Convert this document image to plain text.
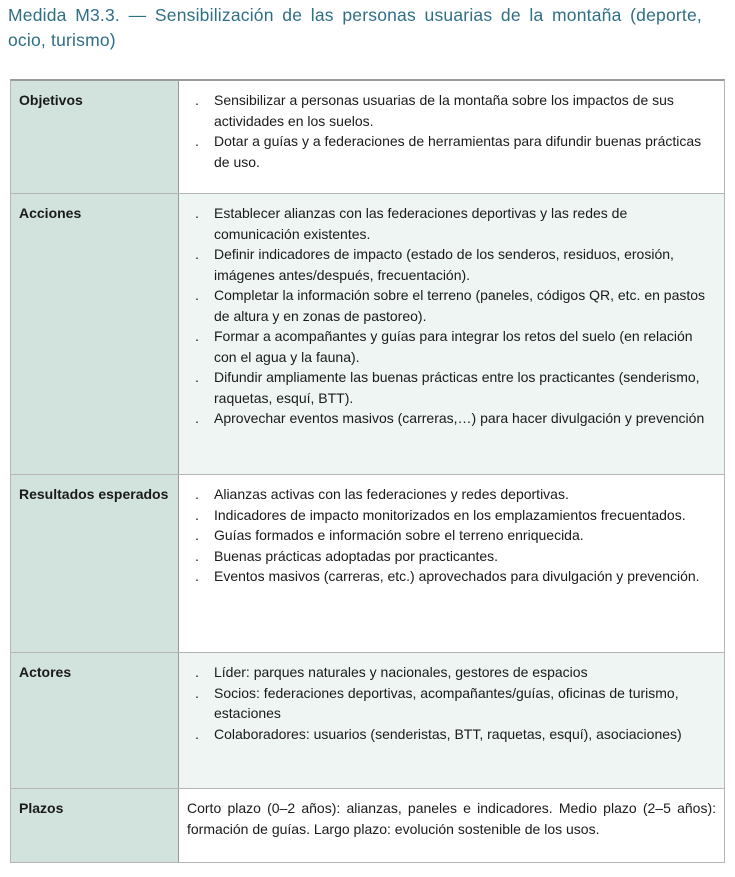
Medida M3.3. — Sensibilización de las personas usuarias de la montaña (deporte, ocio, turismo)
Objetivos	. Sensibilizar a personas usuarias de la montaña sobre los impactos de sus actividades en los suelos.
. Dotar a guías y a federaciones de herramientas para difundir buenas prácticas de uso.
Acciones	. Establecer alianzas con las federaciones deportivas y las redes de comunicación existentes.
. Definir indicadores de impacto (estado de los senderos, residuos, erosión, imágenes antes/después, frecuentación).
. Completar la información sobre el terreno (paneles, códigos QR, etc. en pastos de altura y en zonas de pastoreo).
. Formar a acompañantes y guías para integrar los retos del suelo (en relación con el agua y la fauna).
. Difundir ampliamente las buenas prácticas entre los practicantes (senderismo, raquetas, esquí, BTT).
. Aprovechar eventos masivos (carreras,…) para hacer divulgación y prevención
Resultados esperados	. Alianzas activas con las federaciones y redes deportivas.
. Indicadores de impacto monitorizados en los emplazamientos frecuentados.
. Guías formados e información sobre el terreno enriquecida.
. Buenas prácticas adoptadas por practicantes.
. Eventos masivos (carreras, etc.) aprovechados para divulgación y prevención.
Actores	. Líder: parques naturales y nacionales, gestores de espacios
. Socios: federaciones deportivas, acompañantes/guías, oficinas de turismo, estaciones
. Colaboradores: usuarios (senderistas, BTT, raquetas, esquí), asociaciones)
Plazos	Corto plazo (0–2 años): alianzas, paneles e indicadores. Medio plazo (2–5 años): formación de guías. Largo plazo: evolución sostenible de los usos.
